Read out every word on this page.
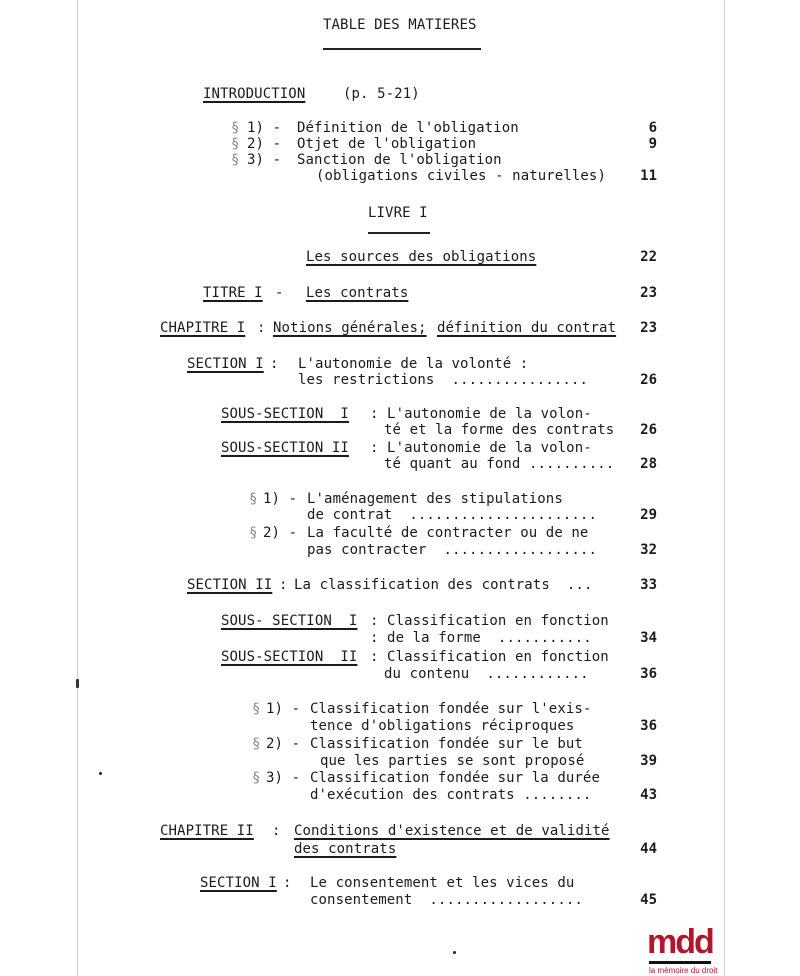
TABLE DES MATIERES
INTRODUCTION	(p. 5-21)
§ 1) - Définition de l'obligation	6
§ 2) - Otjet de l'obligation	9
§ 3) - Sanction de l'obligation
(obligations civiles - naturelles)	11
LIVRE I
Les sources des obligations	22
TITRE I - Les contrats	23
CHAPITRE I : Notions générales; définition du contrat	23
SECTION I : L'autonomie de la volonté :
les restrictions  ................	26
SOUS-SECTION  I : L'autonomie de la volon-
té et la forme des contrats	26
SOUS-SECTION II : L'autonomie de la volon-
té quant au fond ..........	28
§ 1) - L'aménagement des stipulations
de contrat  ......................	29
§ 2) - La faculté de contracter ou de ne
pas contracter  ..................	32
SECTION II : La classification des contrats  ...	33
SOUS- SECTION  I : Classification en fonction
: de la forme  ...........	34
SOUS-SECTION  II : Classification en fonction
du contenu  ............	36
§ 1) - Classification fondée sur l'exis-
tence d'obligations réciproques	36
§ 2) - Classification fondée sur le but
que les parties se sont proposé	39
§ 3) - Classification fondée sur la durée
d'exécution des contrats ........	43
CHAPITRE II : Conditions d'existence et de validité
des contrats	44
SECTION I : Le consentement et les vices du
consentement  ..................	45
mdd
la mémoire du droit
